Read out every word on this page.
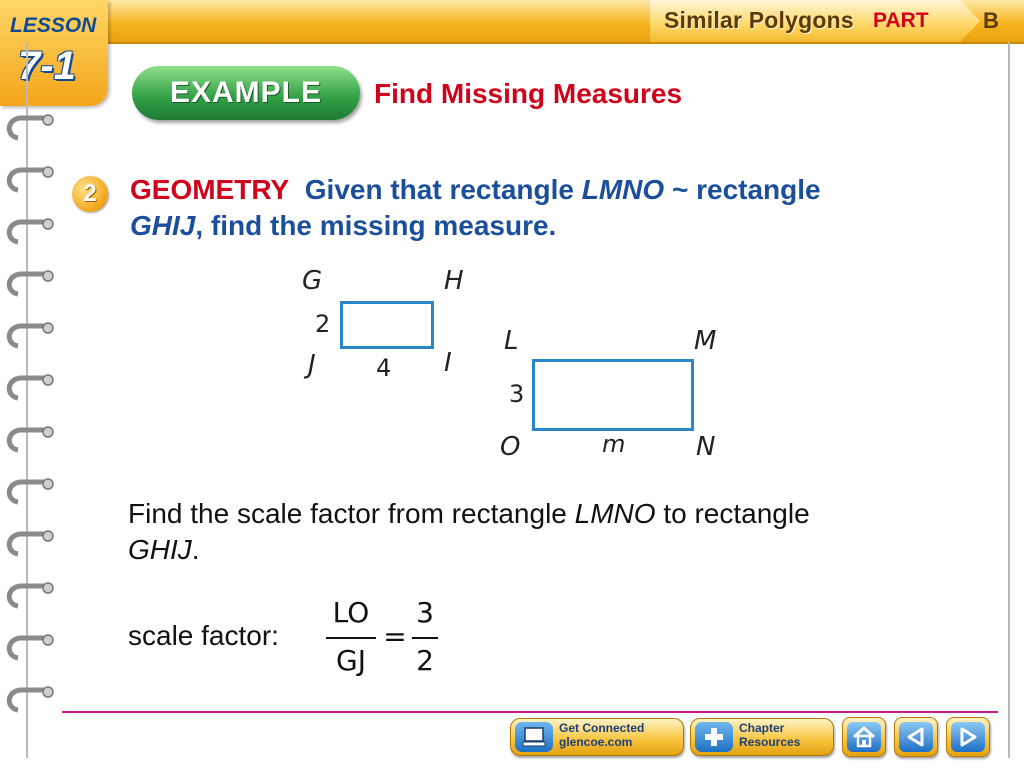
Similar Polygons PART	B
LESSON
7-1
EXAMPLE	Find Missing Measures
2	GEOMETRY Given that rectangle LMNO ~ rectangle
GHIJ, find the missing measure.
G	H
J	I
2
4
L	M
O	N
3
m
Find the scale factor from rectangle LMNO to rectangle
GHIJ.
scale factor:
LO
GJ
=
3
2
Get Connected
glencoe.com
Chapter
Resources
